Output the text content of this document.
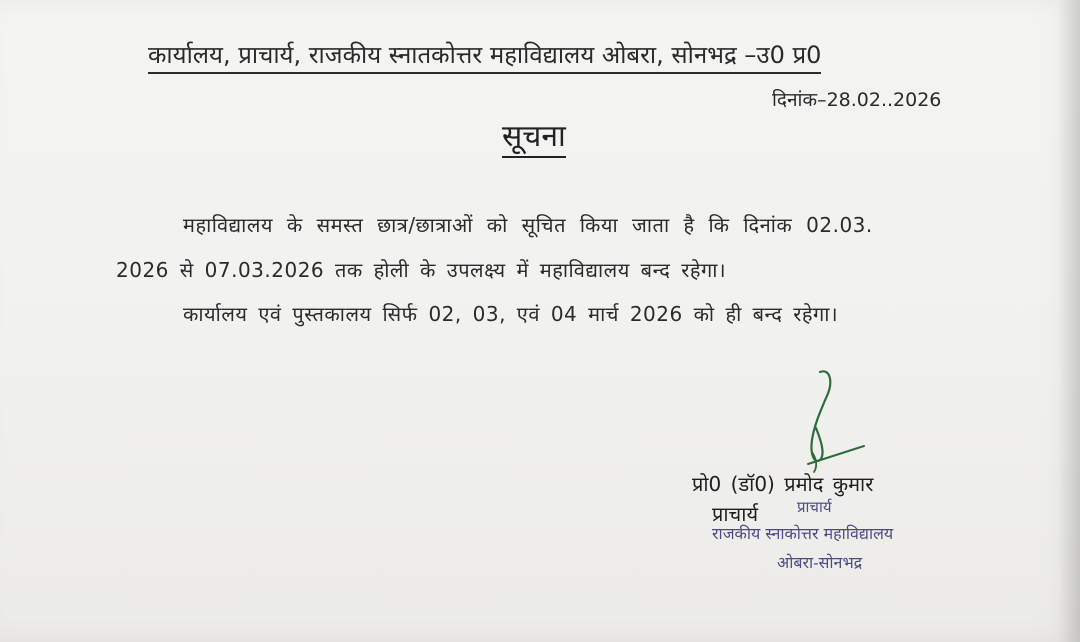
कार्यालय, प्राचार्य, राजकीय स्नातकोत्तर महाविद्यालय ओबरा, सोनभद्र –उ0 प्र0
दिनांक–28.02..2026
सूचना
महाविद्यालय के समस्त छात्र/छात्राओं को सूचित किया जाता है कि दिनांक 02.03.
2026 से 07.03.2026 तक होली के उपलक्ष्य में महाविद्यालय बन्द रहेगा।
कार्यालय एवं पुस्तकालय सिर्फ 02, 03, एवं 04 मार्च 2026 को ही बन्द रहेगा।
प्रो0 (डॉ0) प्रमोद कुमार
प्राचार्य	प्राचार्य
राजकीय स्नाकोत्तर महाविद्यालय
ओबरा-सोनभद्र
